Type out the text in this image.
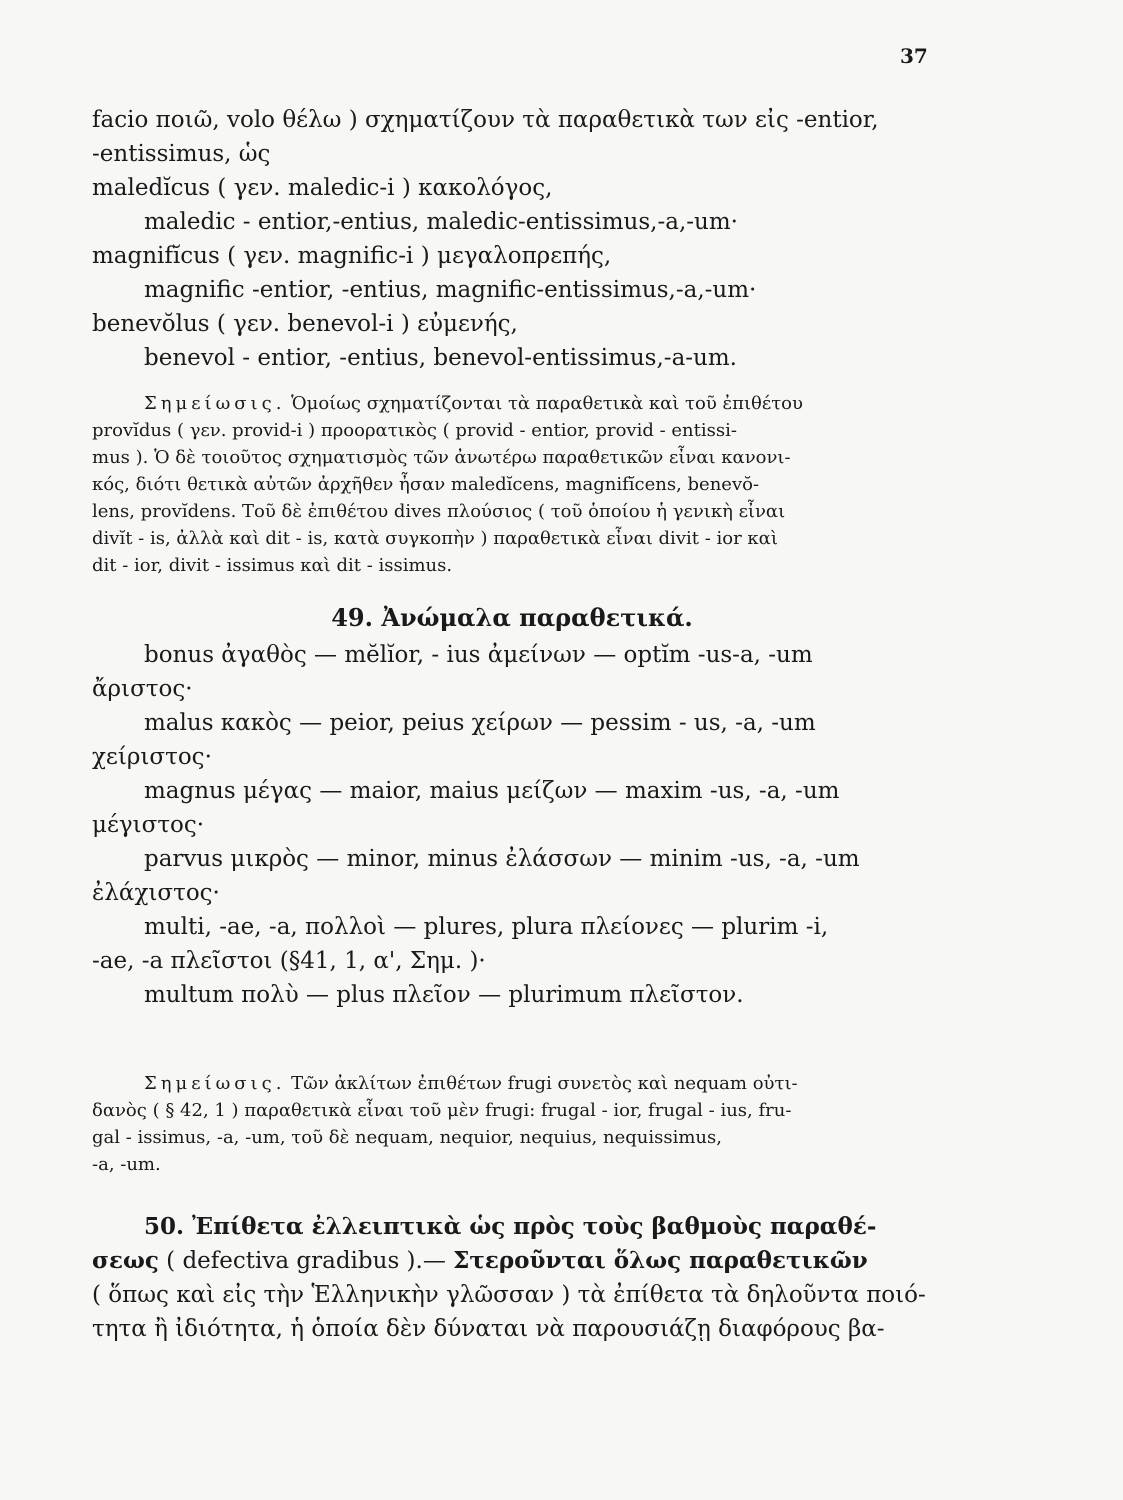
37
facio ποιῶ, volo θέλω ) σχηματίζουν τὰ παραθετικὰ των εἰς -entior,
-entissimus, ὡς
maledĭcus ( γεν. maledic-i ) κακολόγος,
maledic - entior,-entius, maledic-entissimus,-a,-um·
magnifĭcus ( γεν. magnific-i ) μεγαλοπρεπής,
magnific -entior, -entius, magnific-entissimus,-a,-um·
benevŏlus ( γεν. benevol-i ) εὐμενής,
benevol - entior, -entius, benevol-entissimus,-a-um.
Σημείωσις. Ὁμοίως σχηματίζονται τὰ παραθετικὰ καὶ τοῦ ἐπιθέτου
provĭdus ( γεν. provid-i ) προορατικὸς ( provid - entior, provid - entissi-
mus ). Ὁ δὲ τοιοῦτος σχηματισμὸς τῶν ἀνωτέρω παραθετικῶν εἶναι κανονι-
κός, διότι θετικὰ αὐτῶν ἀρχῆθεν ἦσαν maledĭcens, magnifĭcens, benevŏ-
lens, provĭdens. Τοῦ δὲ ἐπιθέτου dives πλούσιος ( τοῦ ὁποίου ἡ γενικὴ εἶναι
divĭt - is, ἀλλὰ καὶ dit - is, κατὰ συγκοπὴν ) παραθετικὰ εἶναι divit - ior καὶ
dit - ior, divit - issimus καὶ dit - issimus.
49. Ἀνώμαλα παραθετικά.
bonus ἀγαθὸς — mĕlĭor, - ius ἀμείνων — optĭm -us-a, -um
ἄριστος·
malus κακὸς — peior, peius χείρων — pessim - us, -a, -um
χείριστος·
magnus μέγας — maior, maius μείζων — maxim -us, -a, -um
μέγιστος·
parvus μικρὸς — minor, minus ἐλάσσων — minim -us, -a, -um
ἐλάχιστος·
multi, -ae, -a, πολλοὶ — plures, plura πλείονες — plurim -i,
-ae, -a πλεῖστοι (§41, 1, α', Σημ. )·
multum πολὺ — plus πλεῖον — plurimum πλεῖστον.
Σημείωσις. Τῶν ἀκλίτων ἐπιθέτων frugi συνετὸς καὶ nequam οὐτι-
δανὸς ( § 42, 1 ) παραθετικὰ εἶναι τοῦ μὲν frugi: frugal - ior, frugal - ius, fru-
gal - issimus, -a, -um, τοῦ δὲ nequam, nequior, nequius, nequissimus,
-a, -um.
50. Ἐπίθετα ἐλλειπτικὰ ὡς πρὸς τοὺς βαθμοὺς παραθέ-
σεως ( defectiva gradibus ).— Στεροῦνται ὅλως παραθετικῶν
( ὅπως καὶ εἰς τὴν Ἑλληνικὴν γλῶσσαν ) τὰ ἐπίθετα τὰ δηλοῦντα ποιό-
τητα ἢ ἰδιότητα, ἡ ὁποία δὲν δύναται νὰ παρουσιάζῃ διαφόρους βα-
